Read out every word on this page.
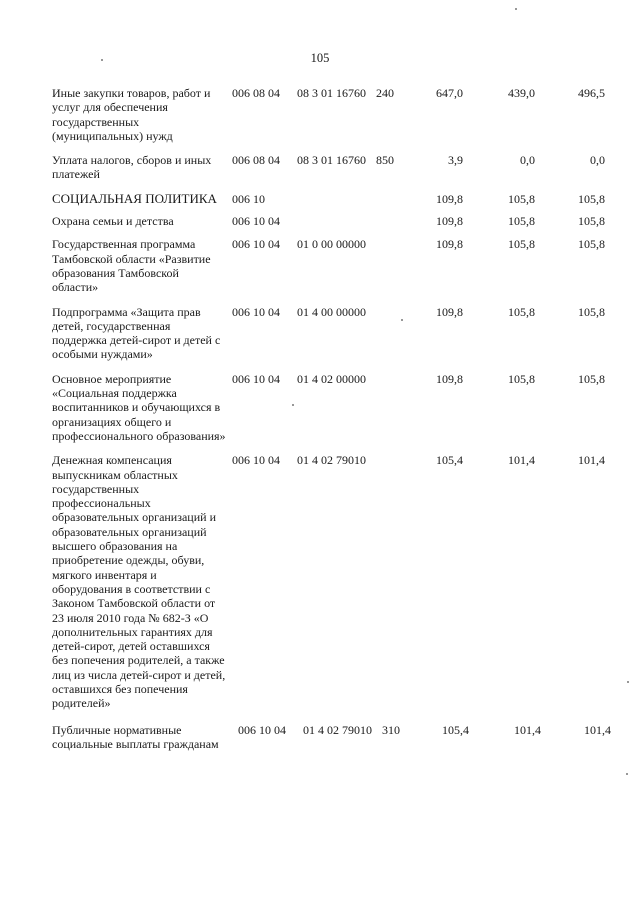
105
Иные закупки товаров, работ и услуг для обеспечения государственных (муниципальных) нужд
006 08 04 08 3 01 16760 240	647,0	439,0	496,5
Уплата налогов, сборов и иных платежей
006 08 04 08 3 01 16760 850	3,9	0,0	0,0
СОЦИАЛЬНАЯ ПОЛИТИКА	006 10	109,8	105,8	105,8
Охрана семьи и детства	006 10 04	109,8	105,8	105,8
Государственная программа Тамбовской области «Развитие образования Тамбовской области»
006 10 04 01 0 00 00000	109,8	105,8	105,8
Подпрограмма «Защита прав детей, государственная поддержка детей-сирот и детей с особыми нуждами»
006 10 04 01 4 00 00000	109,8	105,8	105,8
Основное мероприятие «Социальная поддержка воспитанников и обучающихся в организациях общего и профессионального образования»
006 10 04 01 4 02 00000	109,8	105,8	105,8
Денежная компенсация выпускникам областных государственных профессиональных образовательных организаций и образовательных организаций высшего образования на приобретение одежды, обуви, мягкого инвентаря и оборудования в соответствии с Законом Тамбовской области от 23 июля 2010 года № 682-З «О дополнительных гарантиях для детей-сирот, детей оставшихся без попечения родителей, а также лиц из числа детей-сирот и детей, оставшихся без попечения родителей»
006 10 04 01 4 02 79010	105,4	101,4	101,4
Публичные нормативные социальные выплаты гражданам
006 10 04 01 4 02 79010 310	105,4	101,4	101,4
